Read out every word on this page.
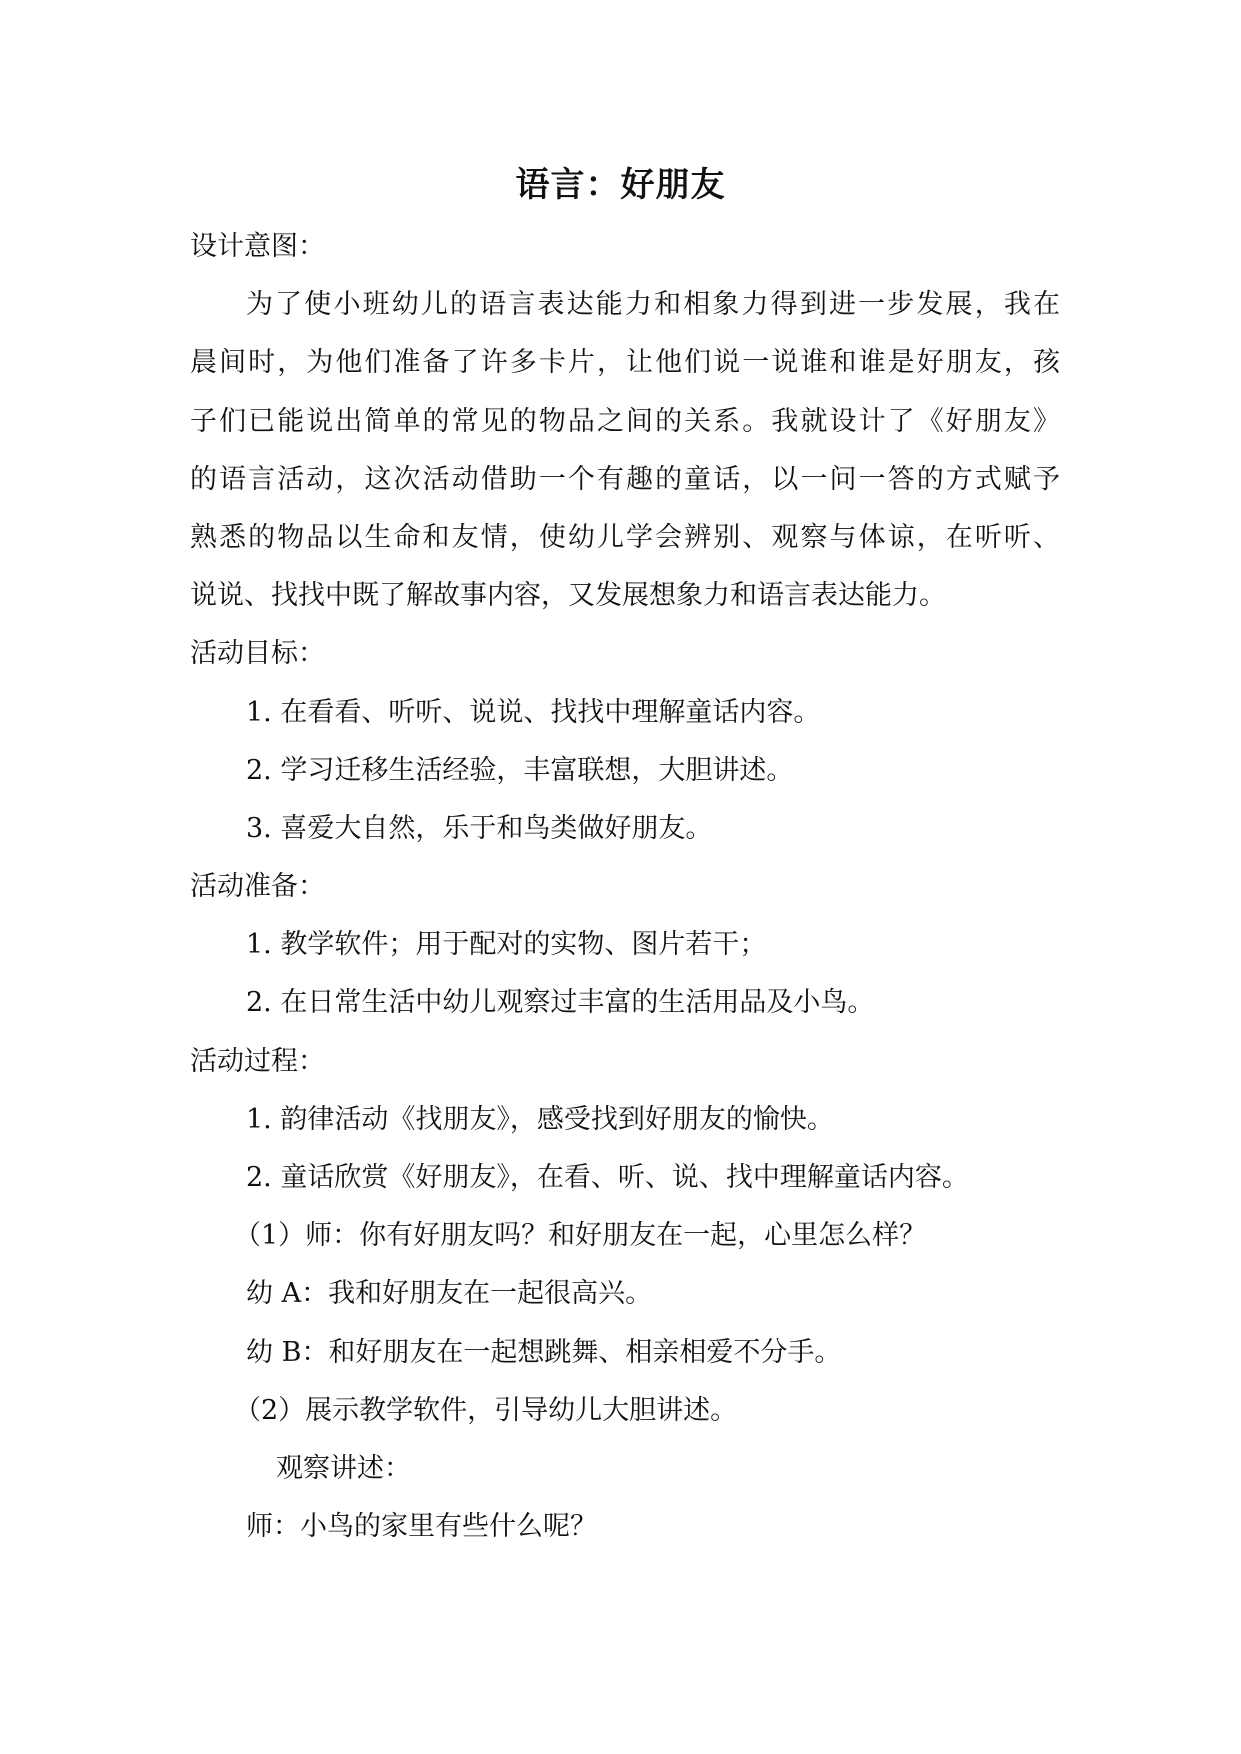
语言：好朋友

设计意图：

为了使小班幼儿的语言表达能力和相象力得到进一步发展，我在

晨间时，为他们准备了许多卡片，让他们说一说谁和谁是好朋友，孩

子们已能说出简单的常见的物品之间的关系。我就设计了《好朋友》

的语言活动，这次活动借助一个有趣的童话，以一问一答的方式赋予

熟悉的物品以生命和友情，使幼儿学会辨别、观察与体谅，在听听、

说说、找找中既了解故事内容，又发展想象力和语言表达能力。

活动目标：

1. 在看看、听听、说说、找找中理解童话内容。

2. 学习迁移生活经验，丰富联想，大胆讲述。

3. 喜爱大自然，乐于和鸟类做好朋友。

活动准备：

1. 教学软件；用于配对的实物、图片若干；

2. 在日常生活中幼儿观察过丰富的生活用品及小鸟。

活动过程：

1. 韵律活动《找朋友》，感受找到好朋友的愉快。

2. 童话欣赏《好朋友》，在看、听、说、找中理解童话内容。

（1）师：你有好朋友吗？和好朋友在一起，心里怎么样？

幼 A：我和好朋友在一起很高兴。

幼 B：和好朋友在一起想跳舞、相亲相爱不分手。

（2）展示教学软件，引导幼儿大胆讲述。

观察讲述：

师：小鸟的家里有些什么呢？
